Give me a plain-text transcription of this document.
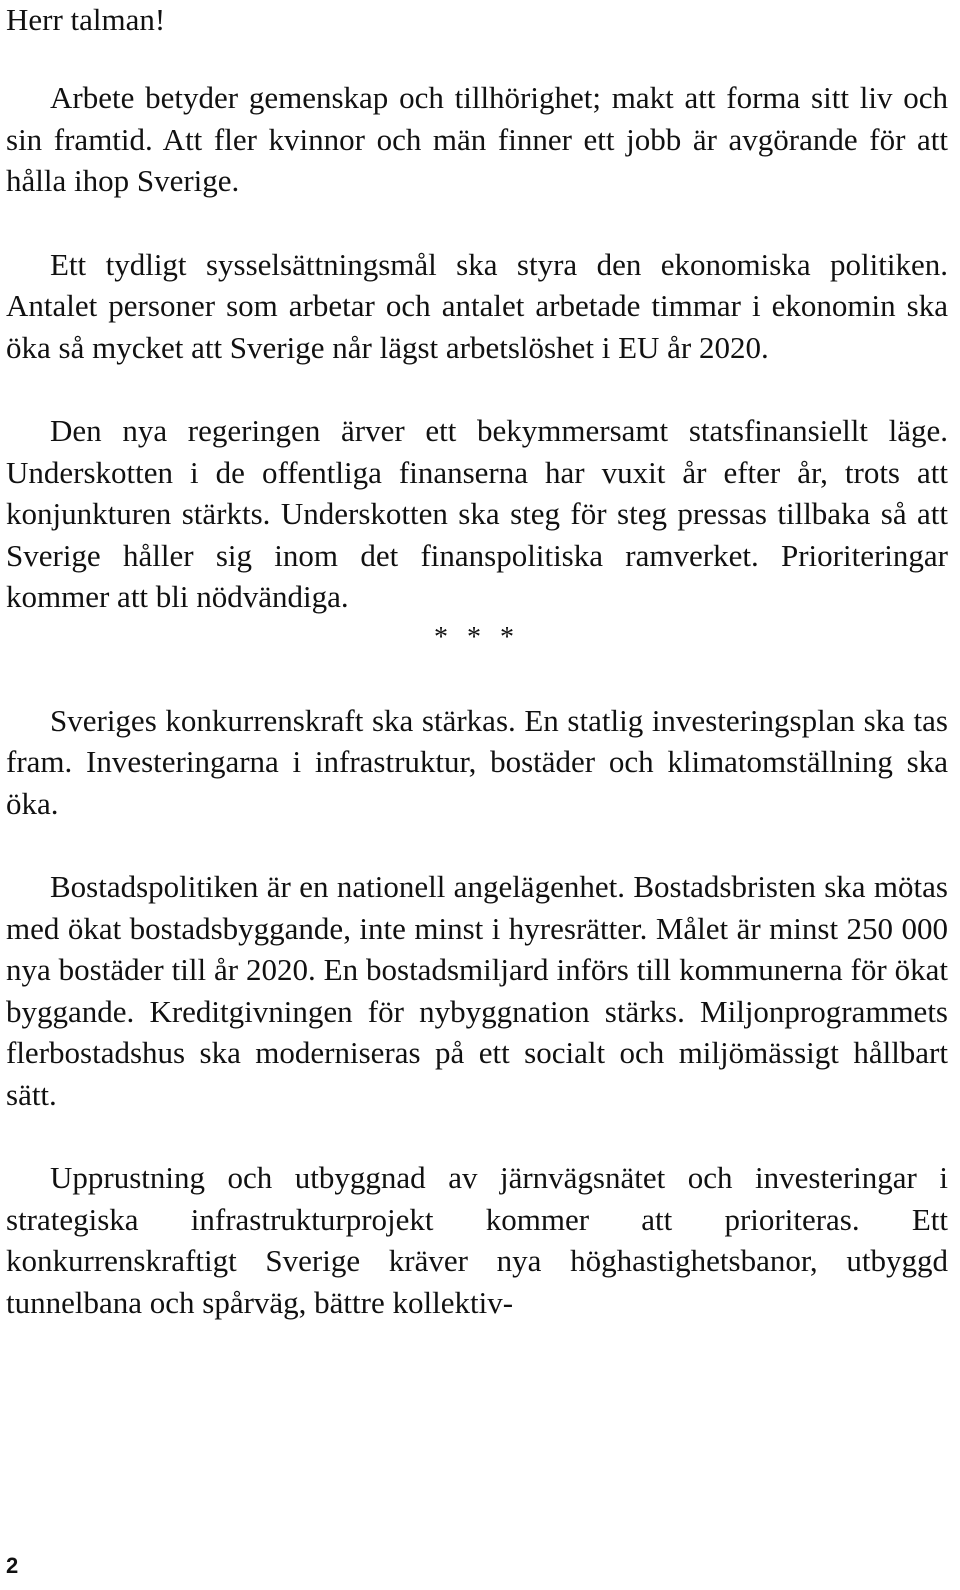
Herr talman!

Arbete betyder gemenskap och tillhörighet; makt att forma sitt liv och sin framtid. Att fler kvinnor och män finner ett jobb är avgörande för att hålla ihop Sverige.

Ett tydligt sysselsättningsmål ska styra den ekonomiska politiken. Antalet personer som arbetar och antalet arbetade timmar i ekonomin ska öka så mycket att Sverige når lägst arbetslöshet i EU år 2020.

Den nya regeringen ärver ett bekymmersamt statsfinansiellt läge. Underskotten i de offentliga finanserna har vuxit år efter år, trots att konjunkturen stärkts. Underskotten ska steg för steg pressas tillbaka så att Sverige håller sig inom det finanspolitiska ramverket. Prioriteringar kommer att bli nödvändiga.

* * *

Sveriges konkurrenskraft ska stärkas. En statlig investeringsplan ska tas fram. Investeringarna i infrastruktur, bostäder och klimatomställning ska öka.

Bostadspolitiken är en nationell angelägenhet. Bostadsbristen ska mötas med ökat bostadsbyggande, inte minst i hyresrätter. Målet är minst 250 000 nya bostäder till år 2020. En bostadsmiljard införs till kommunerna för ökat byggande. Kreditgivningen för nybyggnation stärks. Miljonprogrammets flerbostadshus ska moderniseras på ett socialt och miljömässigt hållbart sätt.

Upprustning och utbyggnad av järnvägsnätet och investeringar i strategiska infrastrukturprojekt kommer att prioriteras. Ett konkurrenskraftigt Sverige kräver nya höghastighetsbanor, utbyggd tunnelbana och spårväg, bättre kollektiv-

2
